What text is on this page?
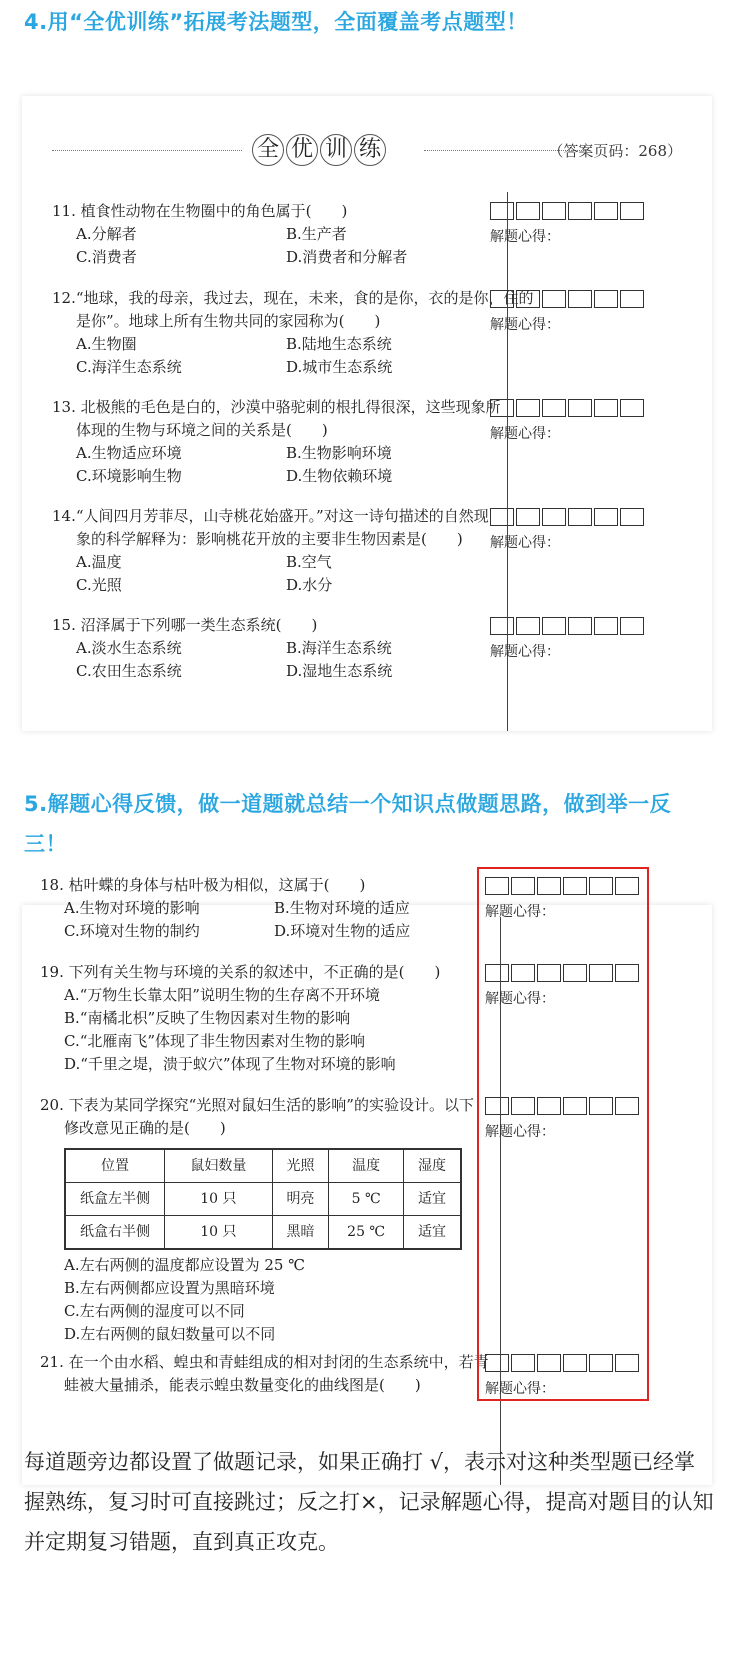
4.用“全优训练”拓展考法题型，全面覆盖考点题型！
全 优 训 练	（答案页码：268）
11. 植食性动物在生物圈中的角色属于(　　)
A.分解者	B.生产者
C.消费者	D.消费者和分解者
12.“地球，我的母亲，我过去，现在，未来，食的是你，衣的是你，住的
是你”。地球上所有生物共同的家园称为(　　)
A.生物圈	B.陆地生态系统
C.海洋生态系统	D.城市生态系统
13. 北极熊的毛色是白的，沙漠中骆驼刺的根扎得很深，这些现象所
体现的生物与环境之间的关系是(　　)
A.生物适应环境	B.生物影响环境
C.环境影响生物	D.生物依赖环境
14.“人间四月芳菲尽，山寺桃花始盛开。”对这一诗句描述的自然现
象的科学解释为：影响桃花开放的主要非生物因素是(　　)
A.温度	B.空气
C.光照	D.水分
15. 沼泽属于下列哪一类生态系统(　　)
A.淡水生态系统	B.海洋生态系统
C.农田生态系统	D.湿地生态系统
解题心得：
解题心得：
解题心得：
解题心得：
解题心得：
5.解题心得反馈，做一道题就总结一个知识点做题思路，做到举一反三！
18. 枯叶蝶的身体与枯叶极为相似，这属于(　　)
A.生物对环境的影响	B.生物对环境的适应
C.环境对生物的制约	D.环境对生物的适应
19. 下列有关生物与环境的关系的叙述中，不正确的是(　　)
A.“万物生长靠太阳”说明生物的生存离不开环境
B.“南橘北枳”反映了生物因素对生物的影响
C.“北雁南飞”体现了非生物因素对生物的影响
D.“千里之堤，溃于蚁穴”体现了生物对环境的影响
20. 下表为某同学探究“光照对鼠妇生活的影响”的实验设计。以下
修改意见正确的是(　　)
位置	鼠妇数量	光照	温度	湿度
纸盒左半侧	10 只	明亮	5 ℃	适宜
纸盒右半侧	10 只	黑暗	25 ℃	适宜
A.左右两侧的温度都应设置为 25 ℃
B.左右两侧都应设置为黑暗环境
C.左右两侧的湿度可以不同
D.左右两侧的鼠妇数量可以不同
21. 在一个由水稻、蝗虫和青蛙组成的相对封闭的生态系统中，若青
蛙被大量捕杀，能表示蝗虫数量变化的曲线图是(　　)
解题心得：
解题心得：
解题心得：
解题心得：
每道题旁边都设置了做题记录，如果正确打 √，表示对这种类型题已经掌握熟练，复习时可直接跳过；反之打×，记录解题心得，提高对题目的认知并定期复习错题，直到真正攻克。
